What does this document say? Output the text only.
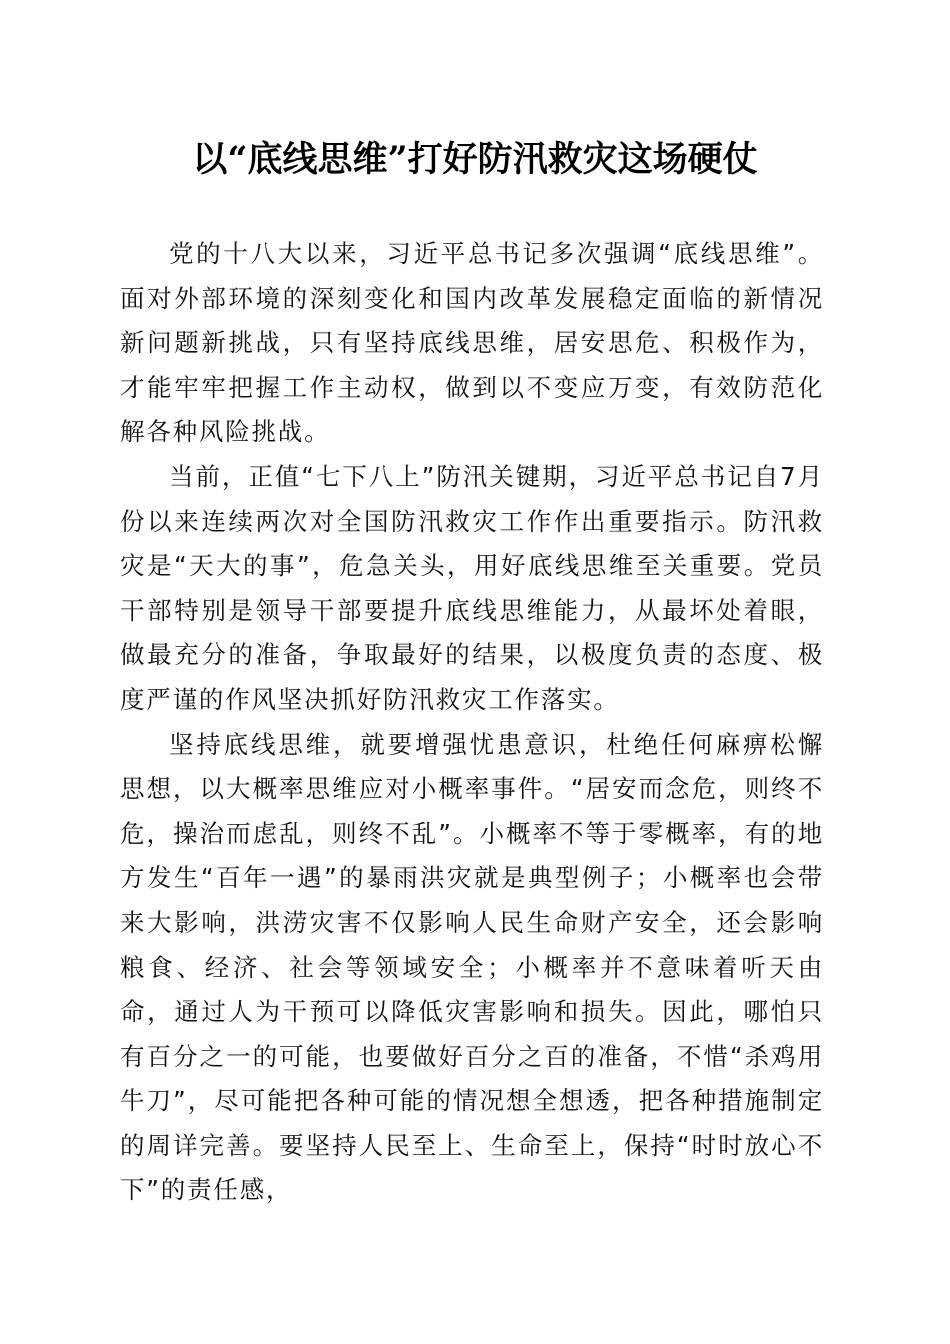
以“底线思维”打好防汛救灾这场硬仗

党的十八大以来，习近平总书记多次强调“底线思维”。面对外部环境的深刻变化和国内改革发展稳定面临的新情况新问题新挑战，只有坚持底线思维，居安思危、积极作为，才能牢牢把握工作主动权，做到以不变应万变，有效防范化解各种风险挑战。

当前，正值“七下八上”防汛关键期，习近平总书记自7月份以来连续两次对全国防汛救灾工作作出重要指示。防汛救灾是“天大的事”，危急关头，用好底线思维至关重要。党员干部特别是领导干部要提升底线思维能力，从最坏处着眼，做最充分的准备，争取最好的结果，以极度负责的态度、极度严谨的作风坚决抓好防汛救灾工作落实。

坚持底线思维，就要增强忧患意识，杜绝任何麻痹松懈思想，以大概率思维应对小概率事件。“居安而念危，则终不危，操治而虑乱，则终不乱”。小概率不等于零概率，有的地方发生“百年一遇”的暴雨洪灾就是典型例子；小概率也会带来大影响，洪涝灾害不仅影响人民生命财产安全，还会影响粮食、经济、社会等领域安全；小概率并不意味着听天由命，通过人为干预可以降低灾害影响和损失。因此，哪怕只有百分之一的可能，也要做好百分之百的准备，不惜“杀鸡用牛刀”，尽可能把各种可能的情况想全想透，把各种措施制定的周详完善。要坚持人民至上、生命至上，保持“时时放心不下”的责任感，
